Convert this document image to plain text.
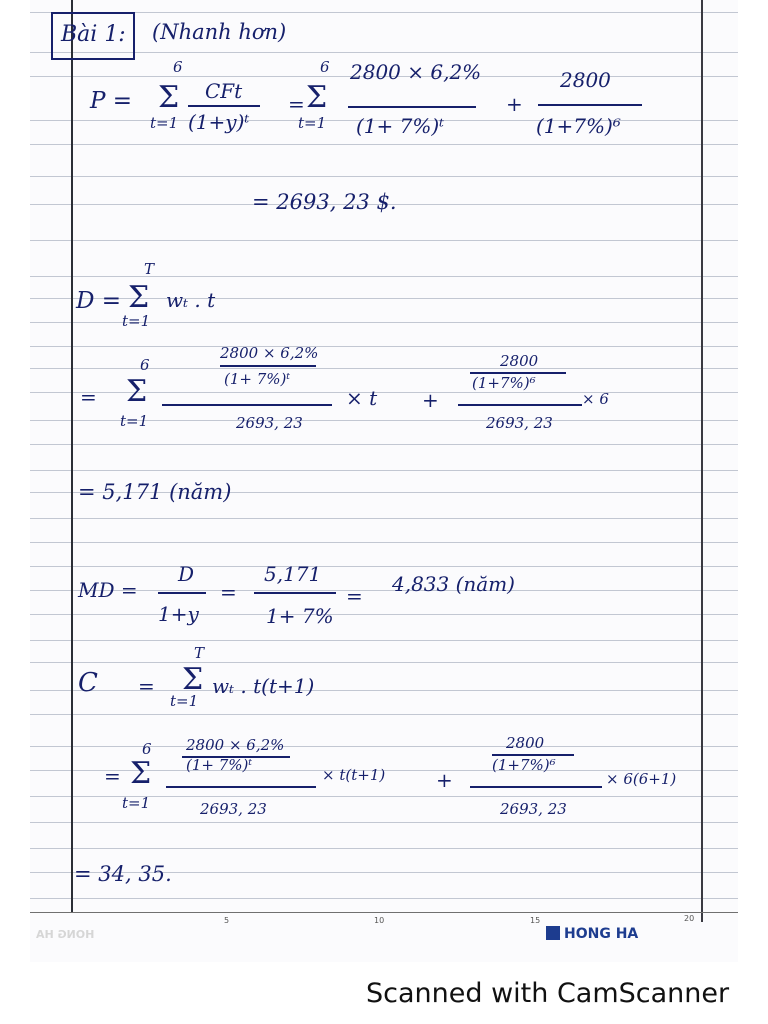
Bài 1: (Nhanh hơn)
P =
6
Σ
t=1
CFt
(1+y)ᵗ
=
6
Σ
t=1
2800 × 6,2%
(1+ 7%)ᵗ
+
2800
(1+7%)⁶
= 2693, 23 $.
D =
T
Σ
t=1
wₜ . t
=
6
Σ
t=1
2800 × 6,2%
(1+ 7%)ᵗ
2693, 23
× t +
2800
(1+7%)⁶
2693, 23
× 6
= 5,171 (năm)
MD =
D
1+y
=
5,171
1+ 7%
= 4,833 (năm)
C =
T
Σ
t=1
wₜ . t(t+1)
=
6
Σ
t=1
2800 × 6,2%
(1+ 7%)ᵗ
2693, 23
× t(t+1)	+
2800
(1+7%)⁶
2693, 23
× 6(6+1)
= 34, 35.
5	10	15	20
HONG HA	HONG HA
Scanned with CamScanner
